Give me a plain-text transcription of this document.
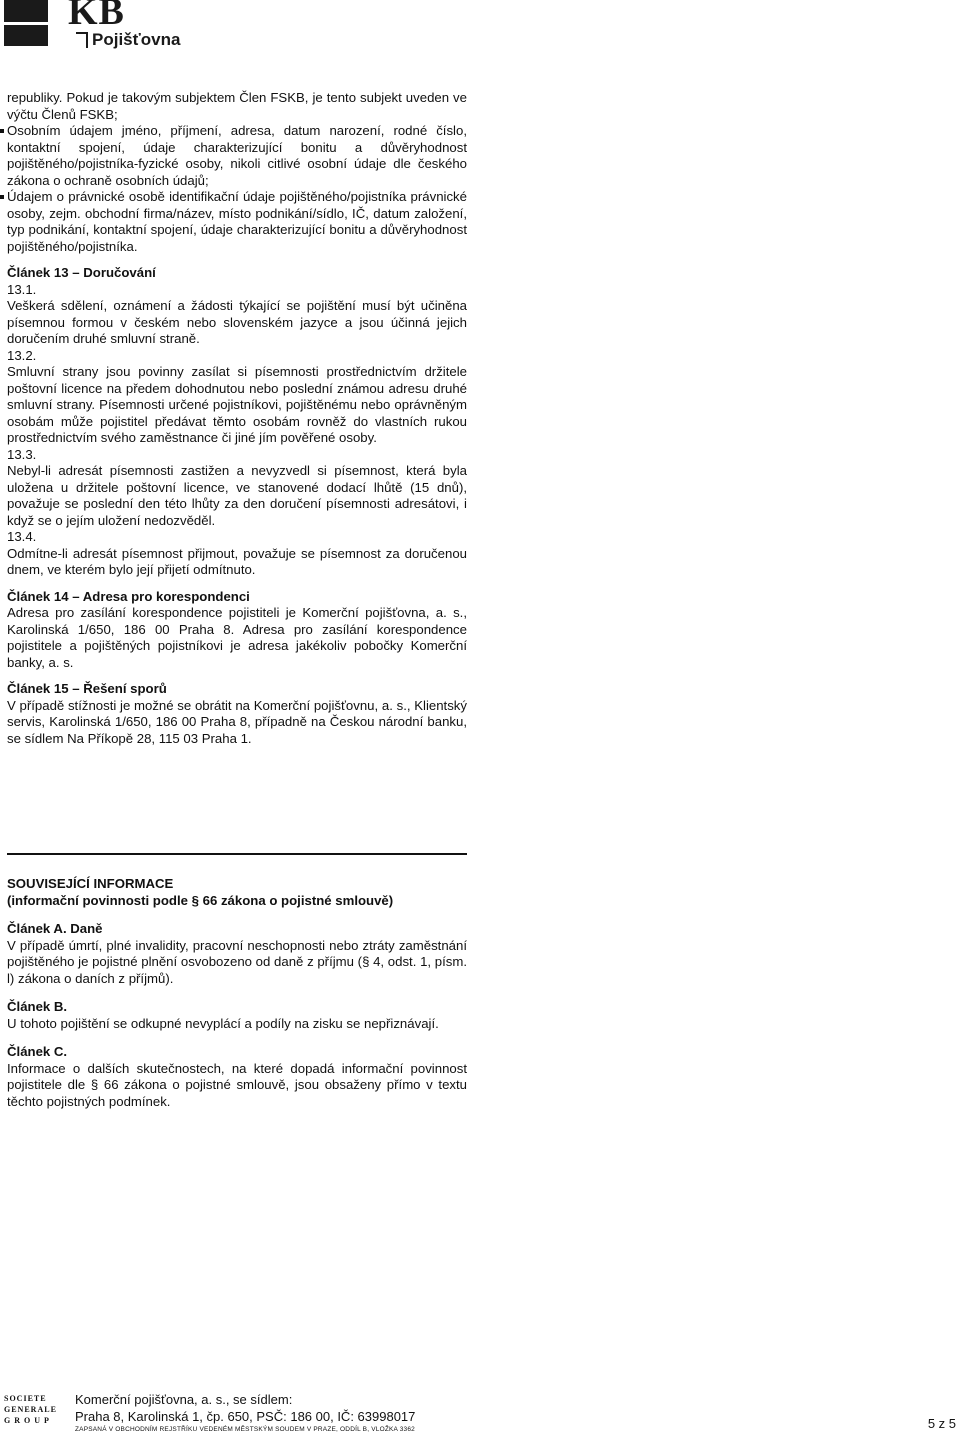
KB
Pojišťovna

republiky. Pokud je takovým subjektem Člen FSKB, je tento subjekt uveden ve výčtu Členů FSKB;

Osobním údajem jméno, příjmení, adresa, datum narození, rodné číslo, kontaktní spojení, údaje charakterizující bonitu a důvěryhodnost pojištěného/pojistníka-fyzické osoby, nikoli citlivé osobní údaje dle českého zákona o ochraně osobních údajů;

Údajem o právnické osobě identifikační údaje pojištěného/pojistníka právnické osoby, zejm. obchodní firma/název, místo podnikání/sídlo, IČ, datum založení, typ podnikání, kontaktní spojení, údaje charakterizující bonitu a důvěryhodnost pojištěného/pojistníka.

Článek 13 – Doručování

13.1.

Veškerá sdělení, oznámení a žádosti týkající se pojištění musí být učiněna písemnou formou v českém nebo slovenském jazyce a jsou účinná jejich doručením druhé smluvní straně.

13.2.

Smluvní strany jsou povinny zasílat si písemnosti prostřednictvím držitele poštovní licence na předem dohodnutou nebo poslední známou adresu druhé smluvní strany. Písemnosti určené pojistníkovi, pojištěnému nebo oprávněným osobám může pojistitel předávat těmto osobám rovněž do vlastních rukou prostřednictvím svého zaměstnance či jiné jím pověřené osoby.

13.3.

Nebyl-li adresát písemnosti zastižen a nevyzvedl si písemnost, která byla uložena u držitele poštovní licence, ve stanovené dodací lhůtě (15 dnů), považuje se poslední den této lhůty za den doručení písemnosti adresátovi, i když se o jejím uložení nedozvěděl.

13.4.

Odmítne-li adresát písemnost přijmout, považuje se písemnost za doručenou dnem, ve kterém bylo její přijetí odmítnuto.

Článek 14 – Adresa pro korespondenci

Adresa pro zasílání korespondence pojistiteli je Komerční pojišťovna, a. s., Karolinská 1/650, 186 00 Praha 8. Adresa pro zasílání korespondence pojistitele a pojištěných pojistníkovi je adresa jakékoliv pobočky Komerční banky, a. s.

Článek 15 – Řešení sporů

V případě stížnosti je možné se obrátit na Komerční pojišťovnu, a. s., Klientský servis, Karolinská 1/650, 186 00 Praha 8, případně na Českou národní banku, se sídlem Na Příkopě 28, 115 03 Praha 1.

SOUVISEJÍCÍ INFORMACE

(informační povinnosti podle § 66 zákona o pojistné smlouvě)

Článek A. Daně

V případě úmrtí, plné invalidity, pracovní neschopnosti nebo ztráty zaměstnání pojištěného je pojistné plnění osvobozeno od daně z příjmu (§ 4, odst. 1, písm. l) zákona o daních z příjmů).

Článek B.

U tohoto pojištění se odkupné nevyplácí a podíly na zisku se nepřiznávají.

Článek C.

Informace o dalších skutečnostech, na které dopadá informační povinnost pojistitele dle § 66 zákona o pojistné smlouvě, jsou obsaženy přímo v textu těchto pojistných podmínek.

SOCIETE
GENERALE
G R O U P
Komerční pojišťovna, a. s., se sídlem:
Praha 8, Karolinská 1, čp. 650, PSČ: 186 00, IČ: 63998017
ZAPSANÁ V OBCHODNÍM REJSTŘÍKU VEDENÉM MĚSTSKÝM SOUDEM V PRAZE, ODDÍL B, VLOŽKA 3362	5 z 5
